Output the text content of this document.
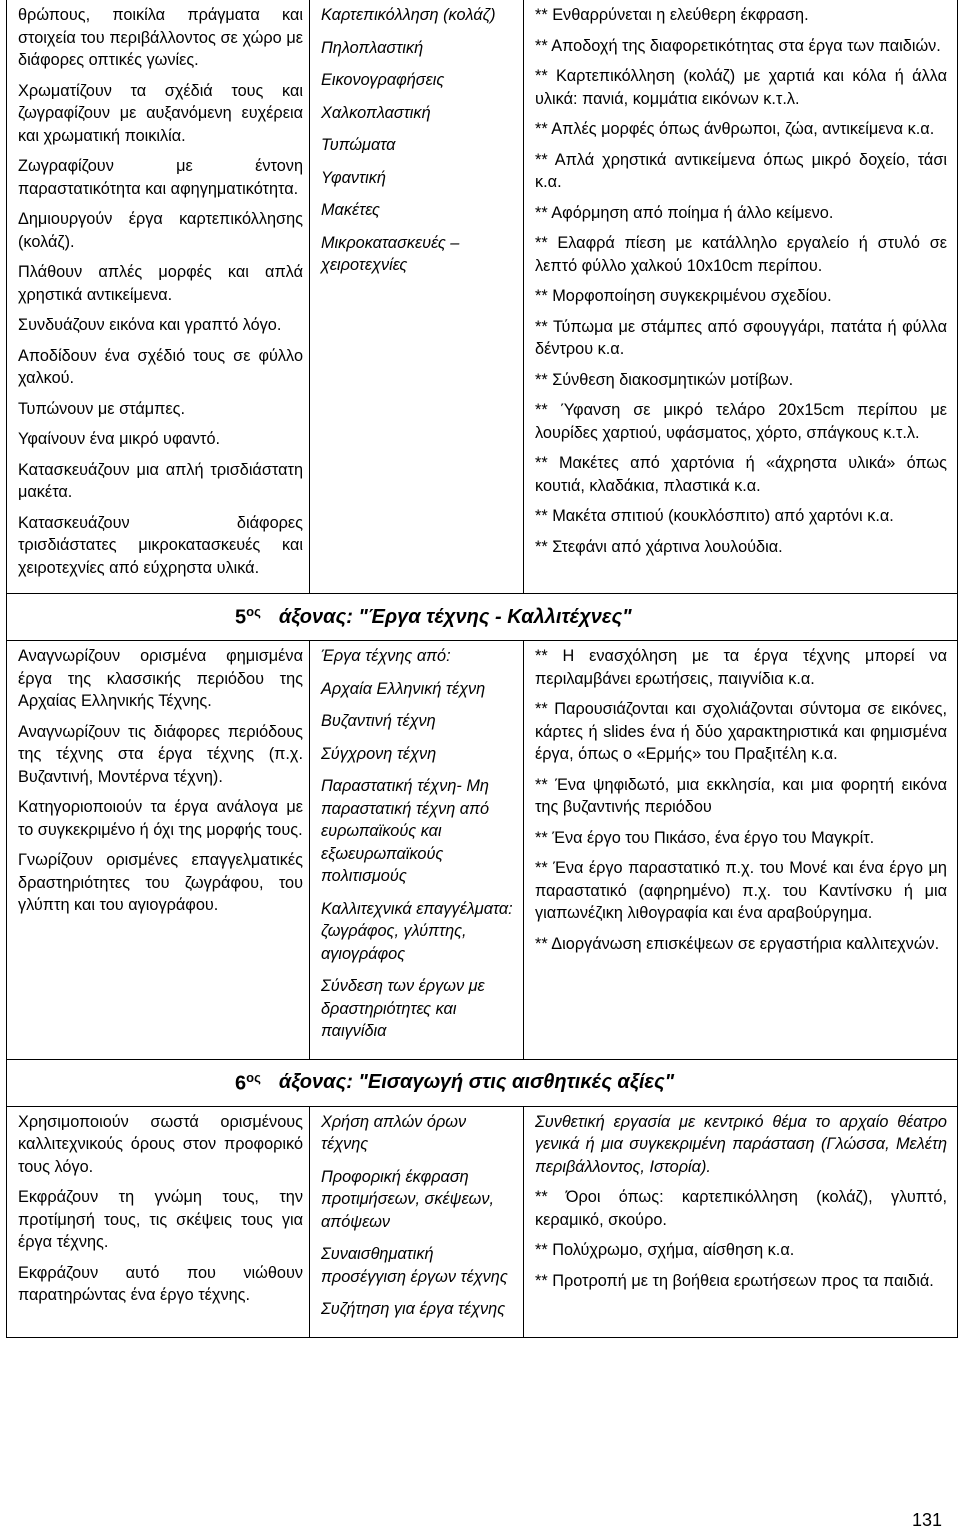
θρώπους, ποικίλα πράγματα και στοιχεία του περιβάλλοντος σε χώρο με διάφορες οπτικές γωνίες.

Χρωματίζουν τα σχέδιά τους και ζωγραφίζουν με αυξανόμενη ευχέρεια και χρωματική ποικιλία.

Ζωγραφίζουν με έντονη παραστατικότητα και αφηγηματικότητα.

Δημιουργούν έργα καρτεπικόλλησης (κολάζ).

Πλάθουν απλές μορφές και απλά χρηστικά αντικείμενα.

Συνδυάζουν εικόνα και γραπτό λόγο.

Αποδίδουν ένα σχέδιό τους σε φύλλο χαλκού.

Τυπώνουν με στάμπες.

Υφαίνουν ένα μικρό υφαντό.

Κατασκευάζουν μια απλή τρισδιάστατη μακέτα.

Κατασκευάζουν διάφορες τρισδιάστατες μικροκατασκευές και χειροτεχνίες από εύχρηστα υλικά.

Καρτεπικόλληση (κολάζ)

Πηλοπλαστική

Εικονογραφήσεις

Χαλκοπλαστική

Τυπώματα

Υφαντική

Μακέτες

Μικροκατασκευές – χειροτεχνίες

** Ενθαρρύνεται η ελεύθερη έκφραση.

** Αποδοχή της διαφορετικότητας στα έργα των παιδιών.

** Καρτεπικόλληση (κολάζ) με χαρτιά και κόλα ή άλλα υλικά: πανιά, κομμάτια εικόνων κ.τ.λ.

** Απλές μορφές όπως άνθρωποι, ζώα, αντικείμενα κ.α.

** Απλά χρηστικά αντικείμενα όπως μικρό δοχείο, τάσι κ.α.

** Αφόρμηση από ποίημα ή άλλο κείμενο.

** Ελαφρά πίεση με κατάλληλο εργαλείο ή στυλό σε λεπτό φύλλο χαλκού 10x10cm περίπου.

** Μορφοποίηση συγκεκριμένου σχεδίου.

** Τύπωμα με στάμπες από σφουγγάρι, πατάτα ή φύλλα δέντρου κ.α.

** Σύνθεση διακοσμητικών μοτίβων.

** Ύφανση σε μικρό τελάρο 20x15cm περίπου με λουρίδες χαρτιού, υφάσματος, χόρτο, σπάγκους κ.τ.λ.

** Μακέτες από χαρτόνια ή «άχρηστα υλικά» όπως κουτιά, κλαδάκια, πλαστικά κ.α.

** Μακέτα σπιτιού (κουκλόσπιτο) από χαρτόνι κ.α.

** Στεφάνι από χάρτινα λουλούδια.

$5^{o\varsigma}$ άξονας: "Έργα τέχνης - Καλλιτέχνες"

Αναγνωρίζουν ορισμένα φημισμένα έργα της κλασσικής περιόδου της Αρχαίας Ελληνικής Τέχνης.

Αναγνωρίζουν τις διάφορες περιόδους της τέχνης στα έργα τέχνης (π.χ. Βυζαντινή, Μοντέρνα τέχνη).

Κατηγοριοποιούν τα έργα ανάλογα με το συγκεκριμένο ή όχι της μορφής τους.

Γνωρίζουν ορισμένες επαγγελματικές δραστηριότητες του ζωγράφου, του γλύπτη και του αγιογράφου.

Έργα τέχνης από:

Αρχαία Ελληνική τέχνη

Βυζαντινή τέχνη

Σύγχρονη τέχνη

Παραστατική τέχνη- Μη παραστατική τέχνη από ευρωπαϊκούς και εξωευρωπαϊκούς πολιτισμούς

Καλλιτεχνικά επαγγέλματα: ζωγράφος, γλύπτης, αγιογράφος

Σύνδεση των έργων με δραστηριότητες και παιγνίδια

** Η ενασχόληση με τα έργα τέχνης μπορεί να περιλαμβάνει ερωτήσεις, παιγνίδια κ.α.

** Παρουσιάζονται και σχολιάζονται σύντομα σε εικόνες, κάρτες ή slides ένα ή δύο χαρακτηριστικά και φημισμένα έργα, όπως ο «Ερμής» του Πραξιτέλη κ.α.

** Ένα ψηφιδωτό, μια εκκλησία, και μια φορητή εικόνα της βυζαντινής περιόδου

** Ένα έργο του Πικάσο, ένα έργο του Μαγκρίτ.

** Ένα έργο παραστατικό π.χ. του Μονέ και ένα έργο μη παραστατικό (αφηρημένο) π.χ. του Καντίνσκυ ή μια γιαπωνέζικη λιθογραφία και ένα αραβούργημα.

** Διοργάνωση επισκέψεων σε εργαστήρια καλλιτεχνών.

$6^{o\varsigma}$ άξονας: "Εισαγωγή στις αισθητικές αξίες"

Χρησιμοποιούν σωστά ορισμένους καλλιτεχνικούς όρους στον προφορικό τους λόγο.

Εκφράζουν τη γνώμη τους, την προτίμησή τους, τις σκέψεις τους για έργα τέχνης.

Εκφράζουν αυτό που νιώθουν παρατηρώντας ένα έργο τέχνης.

Χρήση απλών όρων τέχνης

Προφορική έκφραση προτιμήσεων, σκέψεων, απόψεων

Συναισθηματική προσέγγιση έργων τέχνης

Συζήτηση για έργα τέχνης

Συνθετική εργασία με κεντρικό θέμα το αρχαίο θέατρο γενικά ή μια συγκεκριμένη παράσταση (Γλώσσα, Μελέτη περιβάλλοντος, Ιστορία).

** Όροι όπως: καρτεπικόλληση (κολάζ), γλυπτό, κεραμικό, σκούρο.

** Πολύχρωμο, σχήμα, αίσθηση κ.α.

** Προτροπή με τη βοήθεια ερωτήσεων προς τα παιδιά.

131
